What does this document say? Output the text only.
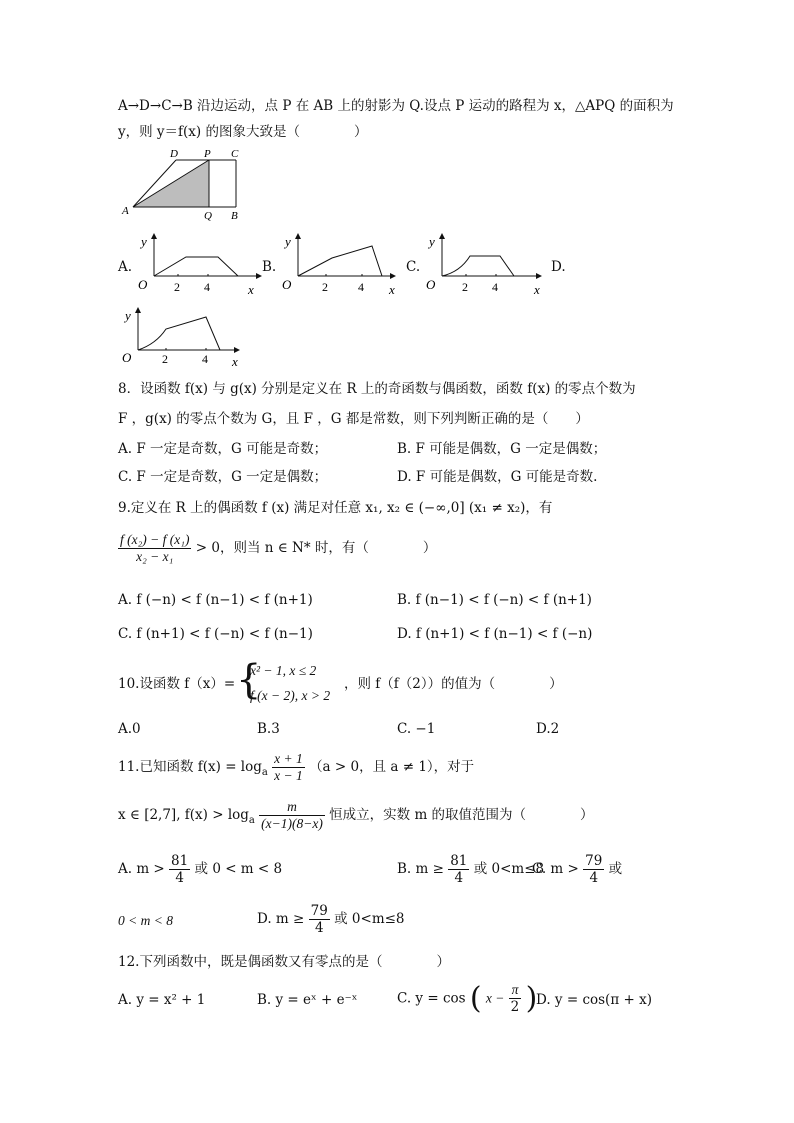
A→D→C→B 沿边运动，点 P 在 AB 上的射影为 Q.设点 P 运动的路程为 x，△APQ 的面积为
y，则 y＝f(x) 的图象大致是（　　　　）
A
D P C
Q B
A.	B.	C.	D.
y
O 2 4	x
y
O	2	4 x
y
O 2 4	x
y
O	2	4 x
8．设函数 f(x) 与 g(x) 分别是定义在 R 上的奇函数与偶函数，函数 f(x) 的零点个数为
F ，g(x) 的零点个数为 G，且 F ，G 都是常数，则下列判断正确的是（　　）
A. F 一定是奇数，G 可能是奇数；	B. F 可能是偶数，G 一定是偶数；
C. F 一定是奇数，G 一定是偶数；	D. F 可能是偶数，G 可能是奇数.
9.定义在 R 上的偶函数 f (x) 满足对任意 x₁, x₂ ∈ (−∞,0] (x₁ ≠ x₂)，有
$\frac{\text{f (x₂) − f (x₁)}}{\text{x₂ − x₁}} > 0$，则当 n ∈ N* 时，有（　　　　）
A. f (−n) < f (n−1) < f (n+1)	B. f (n−1) < f (−n) < f (n+1)
C. f (n+1) < f (−n) < f (n−1)	D. f (n+1) < f (n−1) < f (−n)
10.设函数 f（x）= {
x² − 1, x ≤ 2
f (x − 2), x > 2
，则 f（f（2））的值为（　　　　）
A.0	B.3	C. −1	D.2
11.已知函数 $f(x) = \log_a \frac{x + 1}{x - 1} (a > 0$，且 a ≠ 1），对于
x ∈ [2,7], $f(x) > \log_a \frac{m}{(x-1)(8-x)}$ 恒成立，实数 m 的取值范围为（　　　　）
A. $m > \frac{81}{4}$ 或 0 < m < 8	B. $m \ge \frac{81}{4}$ 或 0<m≤8
C. $m > \frac{79}{4}$ 或
0 < m < 8	D. $m \ge \frac{79}{4}$ 或 0<m≤8
12.下列函数中，既是偶函数又有零点的是（　　　　）
A. y = x² + 1	B. y = eˣ + e⁻ˣ	C. y = cos ( $x - \frac{\pi}{2}$ )
D. y = cos(π + x)
